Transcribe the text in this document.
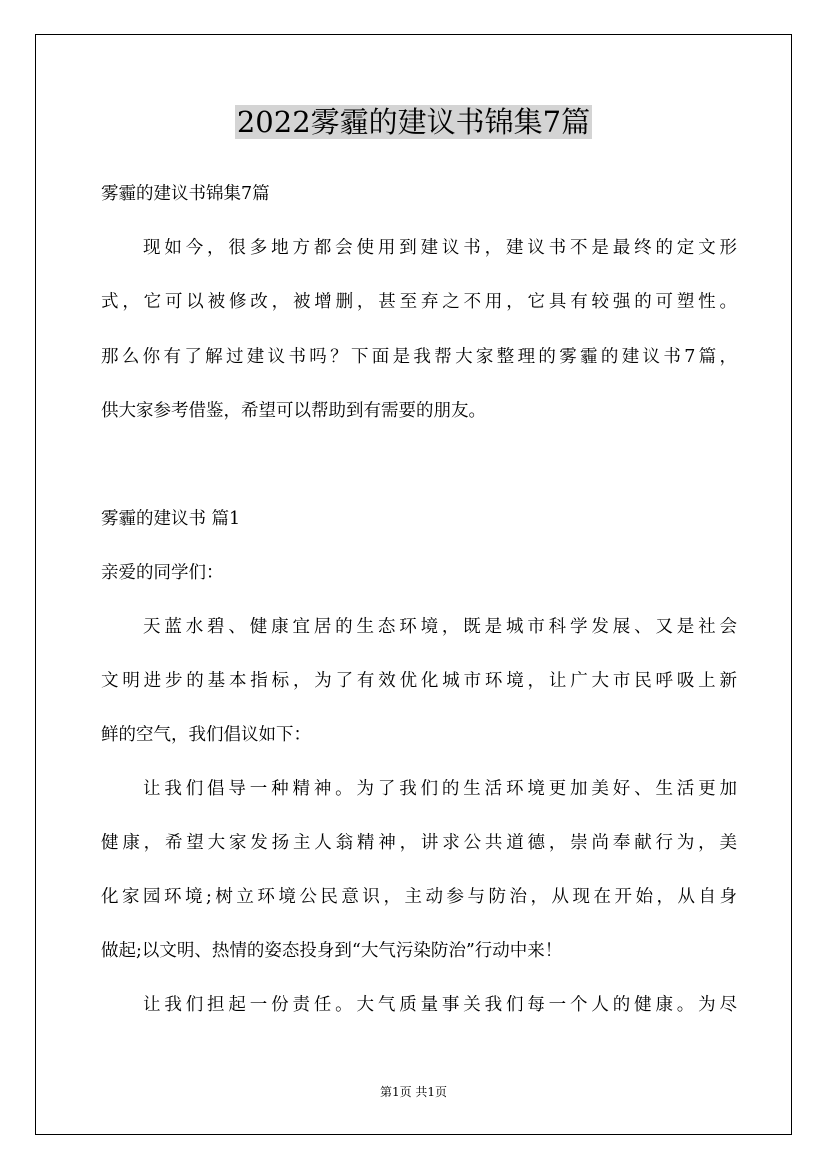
2022雾霾的建议书锦集7篇
雾霾的建议书锦集7篇
现如今，很多地方都会使用到建议书，建议书不是最终的定文形
式，它可以被修改，被增删，甚至弃之不用，它具有较强的可塑性。
那么你有了解过建议书吗？下面是我帮大家整理的雾霾的建议书7篇，
供大家参考借鉴，希望可以帮助到有需要的朋友。
雾霾的建议书 篇1
亲爱的同学们：
天蓝水碧、健康宜居的生态环境，既是城市科学发展、又是社会
文明进步的基本指标，为了有效优化城市环境，让广大市民呼吸上新
鲜的空气，我们倡议如下：
让我们倡导一种精神。为了我们的生活环境更加美好、生活更加
健康，希望大家发扬主人翁精神，讲求公共道德，崇尚奉献行为，美
化家园环境;树立环境公民意识，主动参与防治，从现在开始，从自身
做起;以文明、热情的姿态投身到“大气污染防治”行动中来！
让我们担起一份责任。大气质量事关我们每一个人的健康。为尽
第1页 共1页
